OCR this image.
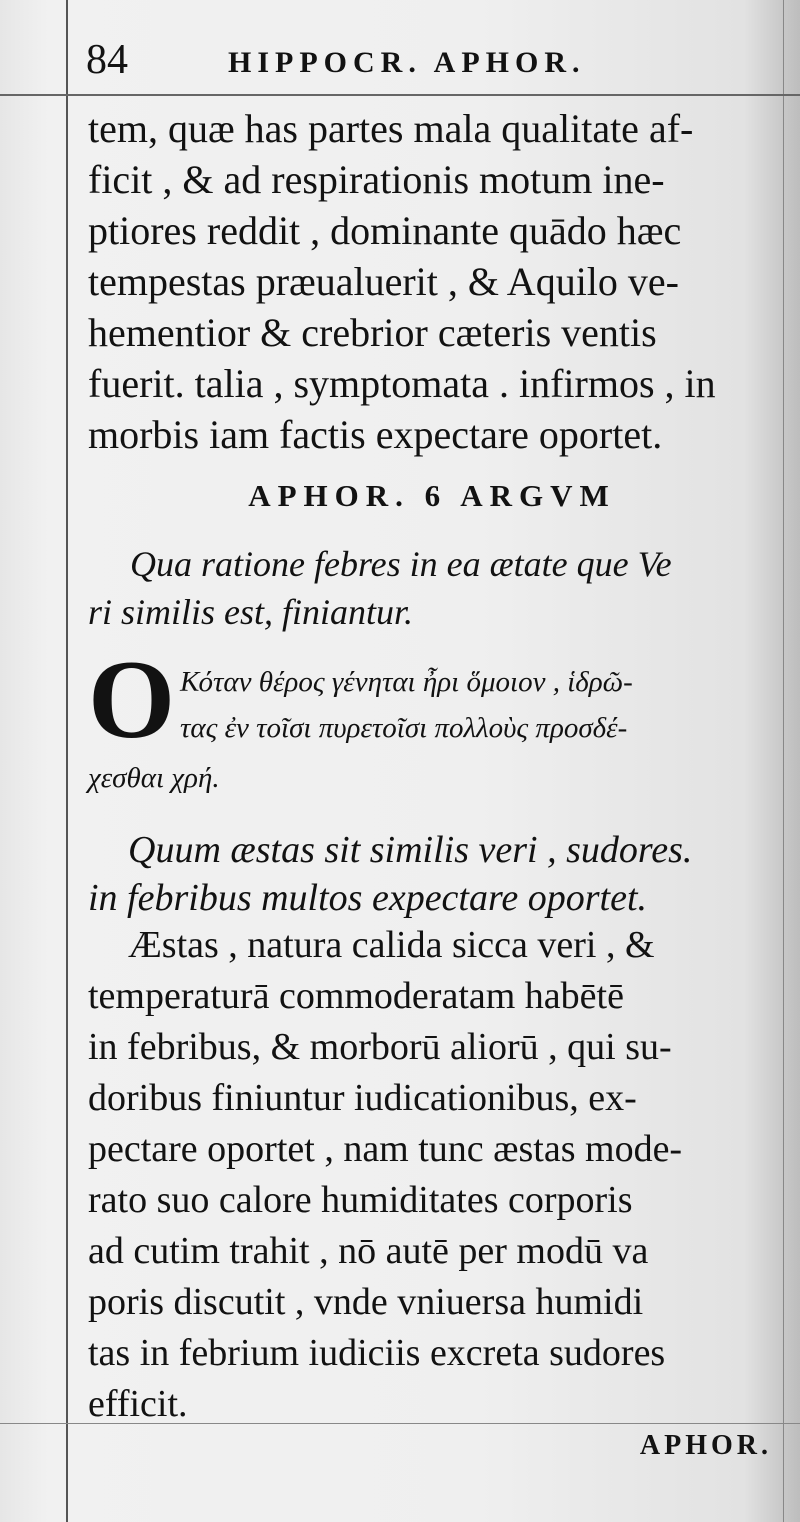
84	HIPPOCR. APHOR.

tem, quæ has partes mala qualitate af-
ficit , & ad respirationis motum ine-
ptiores reddit , dominante quādo hæc
tempestas præualuerit , & Aquilo ve-
hementior & crebrior cæteris ventis
fuerit. talia , symptomata . infirmos , in
morbis iam factis expectare oportet.

APHOR. 6 ARGVM

Qua ratione febres in ea ætate que Ve
ri similis est, finiantur.

O Κόταν θέρος γένηται ἦρι ὅμοιον , ἱδρῶ-
τας ἐν τοῖσι πυρετοῖσι πολλοὺς προσδέ-
χεσθαι χρή.

Quum æstas sit similis veri , sudores.
in febribus multos expectare oportet.

Æstas , natura calida sicca veri , &
temperaturā commoderatam habētē
in febribus, & morborū aliorū , qui su-
doribus finiuntur iudicationibus, ex-
pectare oportet , nam tunc æstas mode-
rato suo calore humiditates corporis
ad cutim trahit , nō autē per modū va
poris discutit , vnde vniuersa humidi
tas in febrium iudiciis excreta sudores
efficit.

APHOR.
